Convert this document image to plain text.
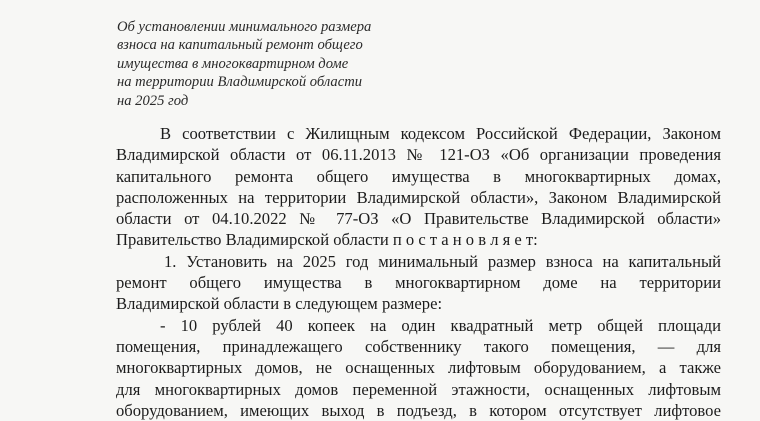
Об установлении минимального размера
взноса на капитальный ремонт общего
имущества в многоквартирном доме
на территории Владимирской области
на 2025 год
В соответствии с Жилищным кодексом Российской Федерации, Законом
Владимирской области от 06.11.2013 № 121-ОЗ «Об организации проведения
капитального ремонта общего имущества в многоквартирных домах,
расположенных на территории Владимирской области», Законом Владимирской
области от 04.10.2022 № 77-ОЗ «О Правительстве Владимирской области»
Правительство Владимирской области п о с т а н о в л я е т:
1. Установить на 2025 год минимальный размер взноса на капитальный
ремонт общего имущества в многоквартирном доме на территории
Владимирской области в следующем размере:
- 10 рублей 40 копеек на один квадратный метр общей площади
помещения, принадлежащего собственнику такого помещения, — для
многоквартирных домов, не оснащенных лифтовым оборудованием, а также
для многоквартирных домов переменной этажности, оснащенных лифтовым
оборудованием, имеющих выход в подъезд, в котором отсутствует лифтовое
